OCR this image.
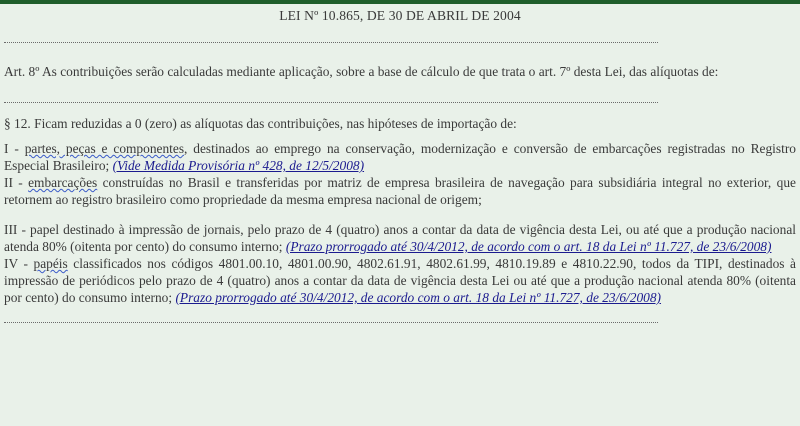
LEI Nº 10.865, DE 30 DE ABRIL DE 2004
Art. 8º As contribuições serão calculadas mediante aplicação, sobre a base de cálculo de que trata o art. 7º desta Lei, das alíquotas de:
§ 12. Ficam reduzidas a 0 (zero) as alíquotas das contribuições, nas hipóteses de importação de:
I - partes, peças e componentes, destinados ao emprego na conservação, modernização e conversão de embarcações registradas no Registro Especial Brasileiro; (Vide Medida Provisória nº 428, de 12/5/2008)
II - embarcações construídas no Brasil e transferidas por matriz de empresa brasileira de navegação para subsidiária integral no exterior, que retornem ao registro brasileiro como propriedade da mesma empresa nacional de origem;
III - papel destinado à impressão de jornais, pelo prazo de 4 (quatro) anos a contar da data de vigência desta Lei, ou até que a produção nacional atenda 80% (oitenta por cento) do consumo interno; (Prazo prorrogado até 30/4/2012, de acordo com o art. 18 da Lei nº 11.727, de 23/6/2008)
IV - papéis classificados nos códigos 4801.00.10, 4801.00.90, 4802.61.91, 4802.61.99, 4810.19.89 e 4810.22.90, todos da TIPI, destinados à impressão de periódicos pelo prazo de 4 (quatro) anos a contar da data de vigência desta Lei ou até que a produção nacional atenda 80% (oitenta por cento) do consumo interno; (Prazo prorrogado até 30/4/2012, de acordo com o art. 18 da Lei nº 11.727, de 23/6/2008)
